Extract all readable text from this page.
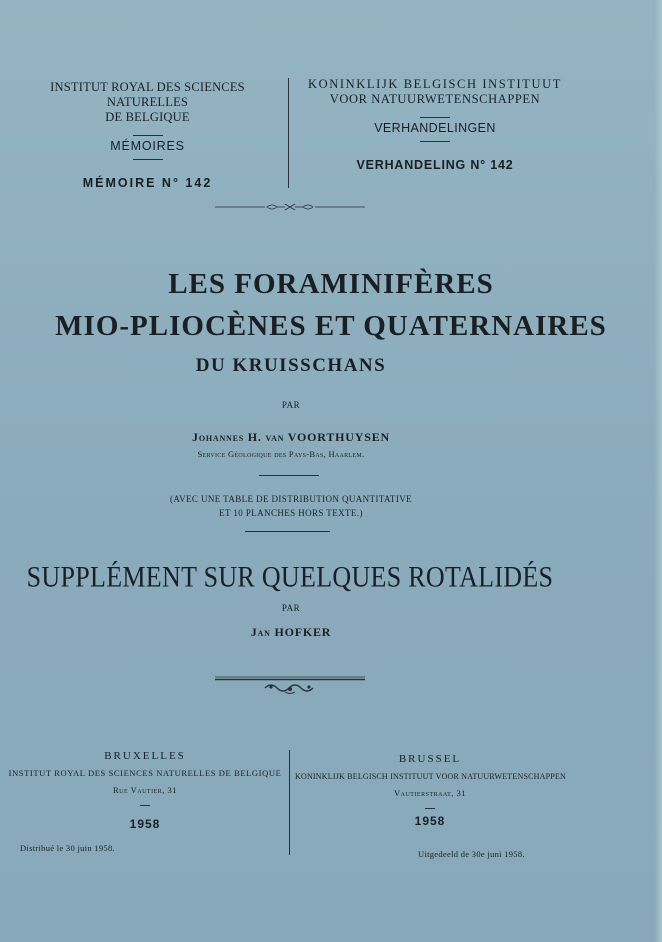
INSTITUT ROYAL DES SCIENCES NATURELLES
DE BELGIQUE
MÉMOIRES
MÉMOIRE N° 142
KONINKLIJK BELGISCH INSTITUUT
VOOR NATUURWETENSCHAPPEN
VERHANDELINGEN
VERHANDELING N° 142
LES FORAMINIFÈRES
MIO-PLIOCÈNES ET QUATERNAIRES
DU KRUISSCHANS
PAR
Johannes H. van VOORTHUYSEN
Service Géologique des Pays-Bas, Haarlem.
(AVEC UNE TABLE DE DISTRIBUTION QUANTITATIVE
ET 10 PLANCHES HORS TEXTE.)
SUPPLÉMENT SUR QUELQUES ROTALIDÉS
PAR
Jan HOFKER
BRUXELLES
INSTITUT ROYAL DES SCIENCES NATURELLES DE BELGIQUE
Rue Vautier, 31
1958
BRUSSEL
KONINKLIJK BELGISCH INSTITUUT VOOR NATUURWETENSCHAPPEN
Vautierstraat, 31
1958
Distribué le 30 juin 1958.
Uitgedeeld de 30e juni 1958.
